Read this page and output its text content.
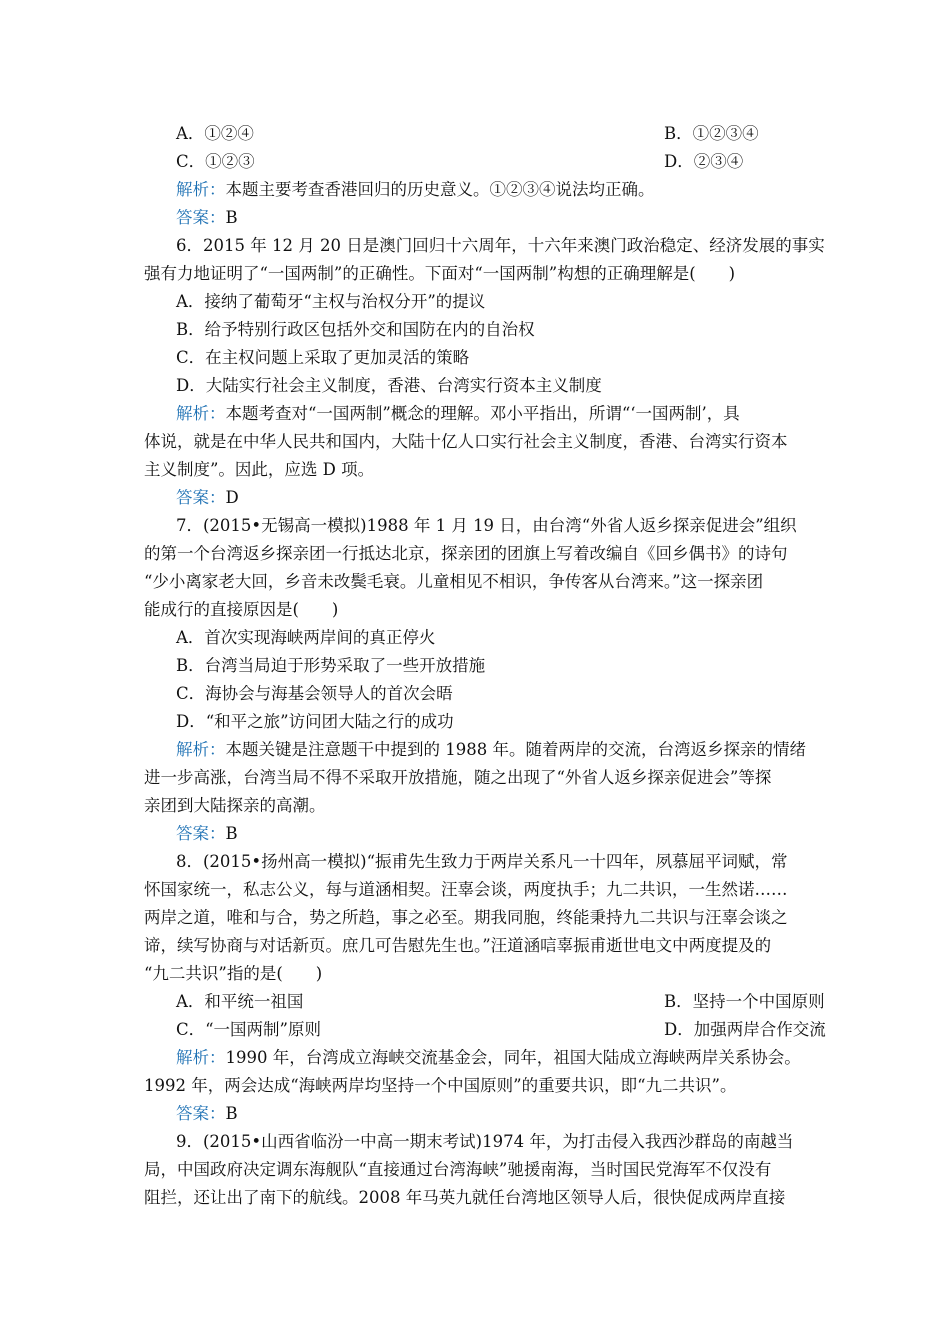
A．①②④	B．①②③④
C．①②③	D．②③④
解析：本题主要考查香港回归的历史意义。①②③④说法均正确。
答案：B
6．2015 年 12 月 20 日是澳门回归十六周年，十六年来澳门政治稳定、经济发展的事实
强有力地证明了“一国两制”的正确性。下面对“一国两制”构想的正确理解是(　　)
A．接纳了葡萄牙“主权与治权分开”的提议
B．给予特别行政区包括外交和国防在内的自治权
C．在主权问题上采取了更加灵活的策略
D．大陆实行社会主义制度，香港、台湾实行资本主义制度
解析：本题考查对“一国两制”概念的理解。邓小平指出，所谓“‘一国两制’，具
体说，就是在中华人民共和国内，大陆十亿人口实行社会主义制度，香港、台湾实行资本
主义制度”。因此，应选 D 项。
答案：D
7．(2015•无锡高一模拟)1988 年 1 月 19 日，由台湾“外省人返乡探亲促进会”组织
的第一个台湾返乡探亲团一行抵达北京，探亲团的团旗上写着改编自《回乡偶书》的诗句
“少小离家老大回，乡音未改鬓毛衰。儿童相见不相识，争传客从台湾来。”这一探亲团
能成行的直接原因是(　　)
A．首次实现海峡两岸间的真正停火
B．台湾当局迫于形势采取了一些开放措施
C．海协会与海基会领导人的首次会晤
D．“和平之旅”访问团大陆之行的成功
解析：本题关键是注意题干中提到的 1988 年。随着两岸的交流，台湾返乡探亲的情绪
进一步高涨，台湾当局不得不采取开放措施，随之出现了“外省人返乡探亲促进会”等探
亲团到大陆探亲的高潮。
答案：B
8．(2015•扬州高一模拟)“振甫先生致力于两岸关系凡一十四年，夙慕屈平词赋，常
怀国家统一，私志公义，每与道涵相契。汪辜会谈，两度执手；九二共识，一生然诺……
两岸之道，唯和与合，势之所趋，事之必至。期我同胞，终能秉持九二共识与汪辜会谈之
谛，续写协商与对话新页。庶几可告慰先生也。”汪道涵唁辜振甫逝世电文中两度提及的
“九二共识”指的是(　　)
A．和平统一祖国	B．坚持一个中国原则
C．“一国两制”原则	D．加强两岸合作交流
解析：1990 年，台湾成立海峡交流基金会，同年，祖国大陆成立海峡两岸关系协会。
1992 年，两会达成“海峡两岸均坚持一个中国原则”的重要共识，即“九二共识”。
答案：B
9．(2015•山西省临汾一中高一期末考试)1974 年，为打击侵入我西沙群岛的南越当
局，中国政府决定调东海舰队“直接通过台湾海峡”驰援南海，当时国民党海军不仅没有
阻拦，还让出了南下的航线。2008 年马英九就任台湾地区领导人后，很快促成两岸直接
